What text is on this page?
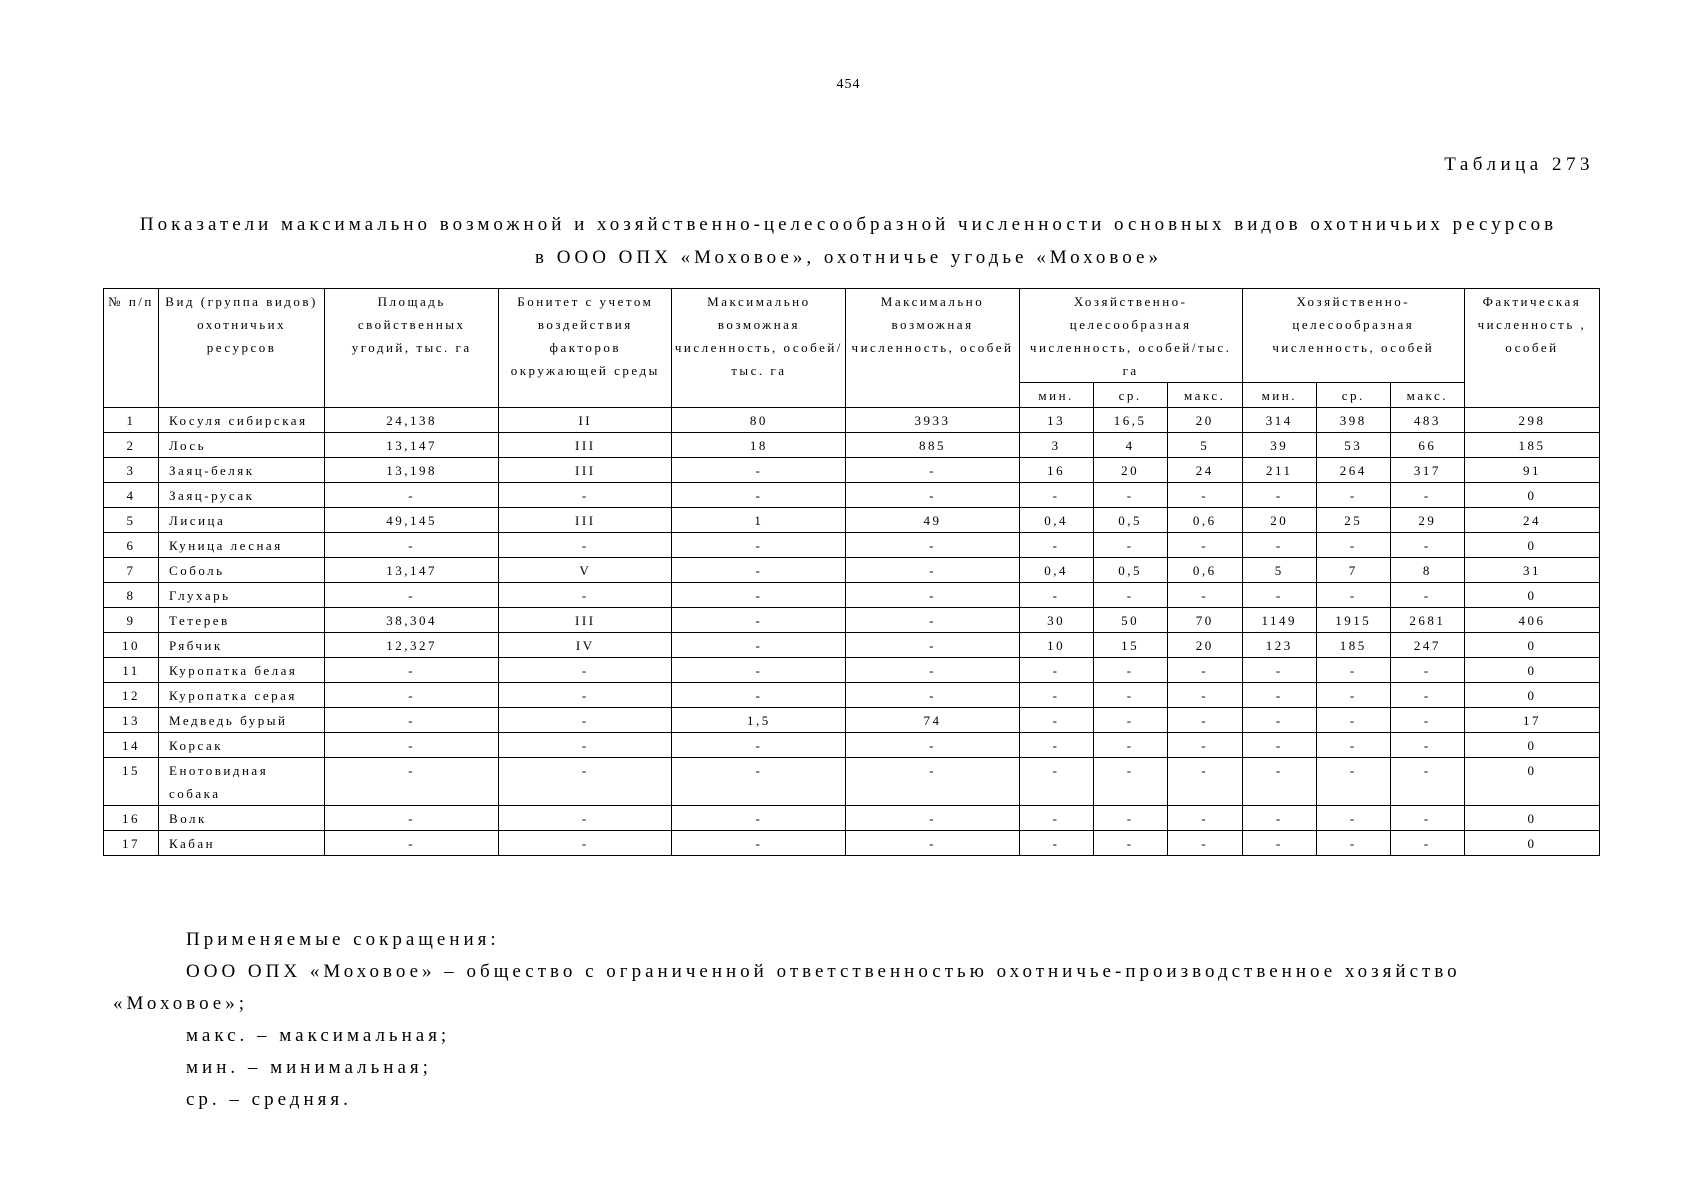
454
Таблица 273
Показатели максимально возможной и хозяйственно-целесообразной численности основных видов охотничьих ресурсов
в ООО ОПХ «Моховое», охотничье угодье «Моховое»
№ п/п	Вид (группа видов) охотничьих ресурсов	Площадь свойственных угодий, тыс. га	Бонитет с учетом воздействия факторов окружающей среды	Максимально возможная численность, особей/тыс. га	Максимально возможная численность, особей	Хозяйственно-целесообразная численность, особей/тыс. га			Хозяйственно-целесообразная численность, особей			Фактическая численность , особей
						мин.	ср.	макс.	мин.	ср.	макс.	
1	Косуля сибирская	24,138	II	80	3933	13	16,5	20	314	398	483	298
2	Лось	13,147	III	18	885	3	4	5	39	53	66	185
3	Заяц-беляк	13,198	III	-	-	16	20	24	211	264	317	91
4	Заяц-русак	-	-	-	-	-	-	-	-	-	-	0
5	Лисица	49,145	III	1	49	0,4	0,5	0,6	20	25	29	24
6	Куница лесная	-	-	-	-	-	-	-	-	-	-	0
7	Соболь	13,147	V	-	-	0,4	0,5	0,6	5	7	8	31
8	Глухарь	-	-	-	-	-	-	-	-	-	-	0
9	Тетерев	38,304	III	-	-	30	50	70	1149	1915	2681	406
10	Рябчик	12,327	IV	-	-	10	15	20	123	185	247	0
11	Куропатка белая	-	-	-	-	-	-	-	-	-	-	0
12	Куропатка серая	-	-	-	-	-	-	-	-	-	-	0
13	Медведь бурый	-	-	1,5	74	-	-	-	-	-	-	17
14	Корсак	-	-	-	-	-	-	-	-	-	-	0
15	Енотовидная собака	-	-	-	-	-	-	-	-	-	-	0
16	Волк	-	-	-	-	-	-	-	-	-	-	0
17	Кабан	-	-	-	-	-	-	-	-	-	-	0
Применяемые сокращения:
ООО ОПХ «Моховое» – общество с ограниченной ответственностью охотничье-производственное хозяйство «Моховое»;
макс. – максимальная;
мин. – минимальная;
ср. – средняя.
